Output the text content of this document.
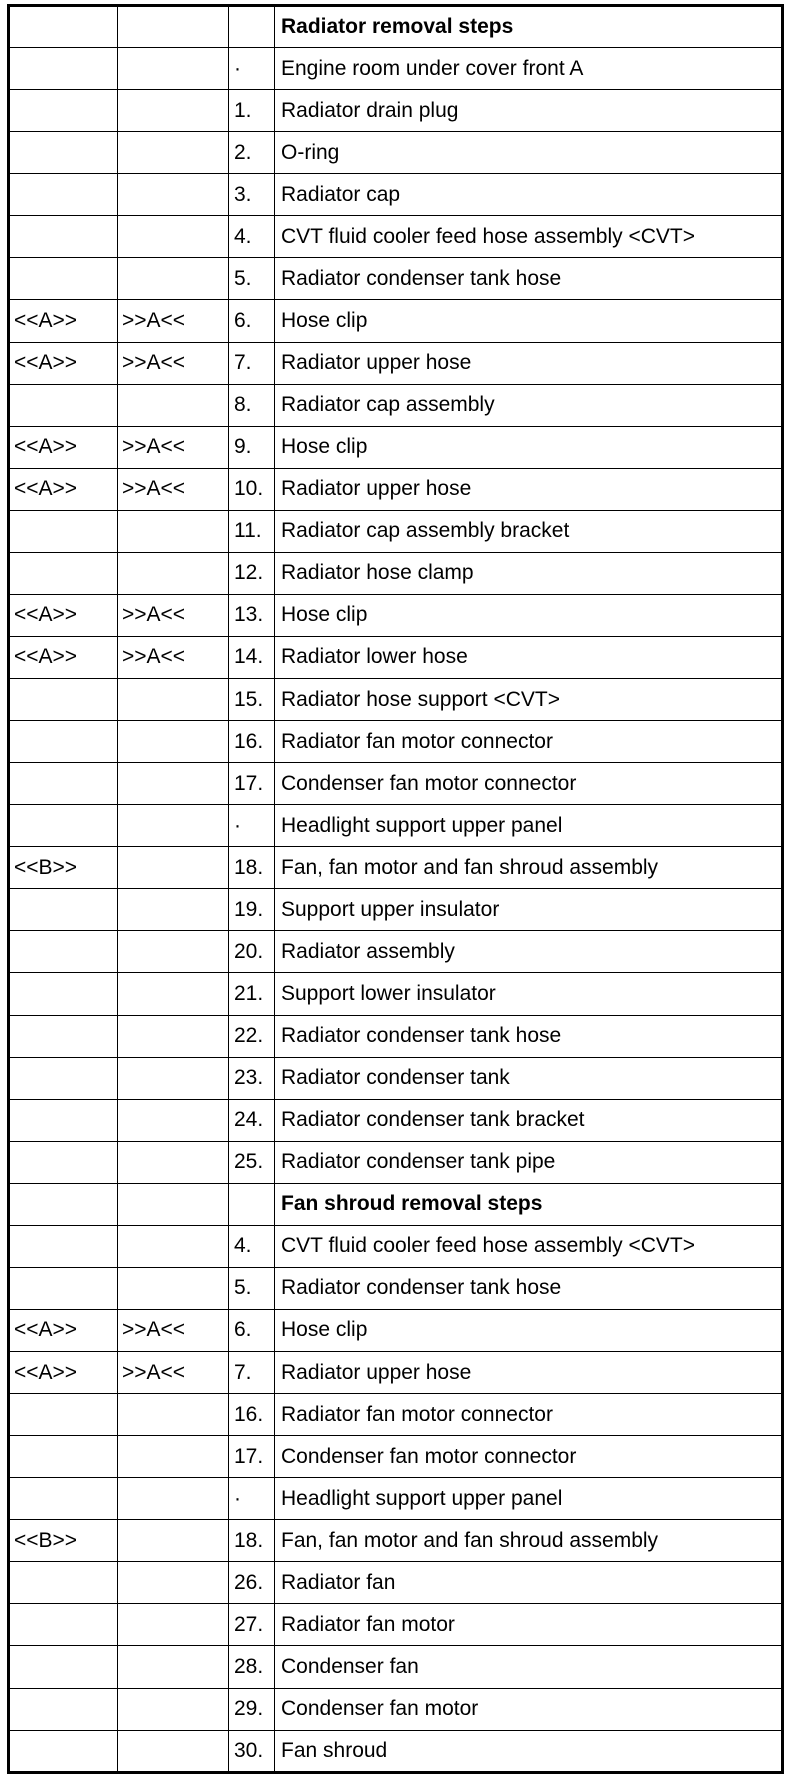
			Radiator removal steps
		·	Engine room under cover front A
		1.	Radiator drain plug
		2.	O-ring
		3.	Radiator cap
		4.	CVT fluid cooler feed hose assembly <CVT>
		5.	Radiator condenser tank hose
<<A>>	>>A<<	6.	Hose clip
<<A>>	>>A<<	7.	Radiator upper hose
		8.	Radiator cap assembly
<<A>>	>>A<<	9.	Hose clip
<<A>>	>>A<<	10.	Radiator upper hose
		11.	Radiator cap assembly bracket
		12.	Radiator hose clamp
<<A>>	>>A<<	13.	Hose clip
<<A>>	>>A<<	14.	Radiator lower hose
		15.	Radiator hose support <CVT>
		16.	Radiator fan motor connector
		17.	Condenser fan motor connector
		·	Headlight support upper panel
<<B>>		18.	Fan, fan motor and fan shroud assembly
		19.	Support upper insulator
		20.	Radiator assembly
		21.	Support lower insulator
		22.	Radiator condenser tank hose
		23.	Radiator condenser tank
		24.	Radiator condenser tank bracket
		25.	Radiator condenser tank pipe
			Fan shroud removal steps
		4.	CVT fluid cooler feed hose assembly <CVT>
		5.	Radiator condenser tank hose
<<A>>	>>A<<	6.	Hose clip
<<A>>	>>A<<	7.	Radiator upper hose
		16.	Radiator fan motor connector
		17.	Condenser fan motor connector
		·	Headlight support upper panel
<<B>>		18.	Fan, fan motor and fan shroud assembly
		26.	Radiator fan
		27.	Radiator fan motor
		28.	Condenser fan
		29.	Condenser fan motor
		30.	Fan shroud
